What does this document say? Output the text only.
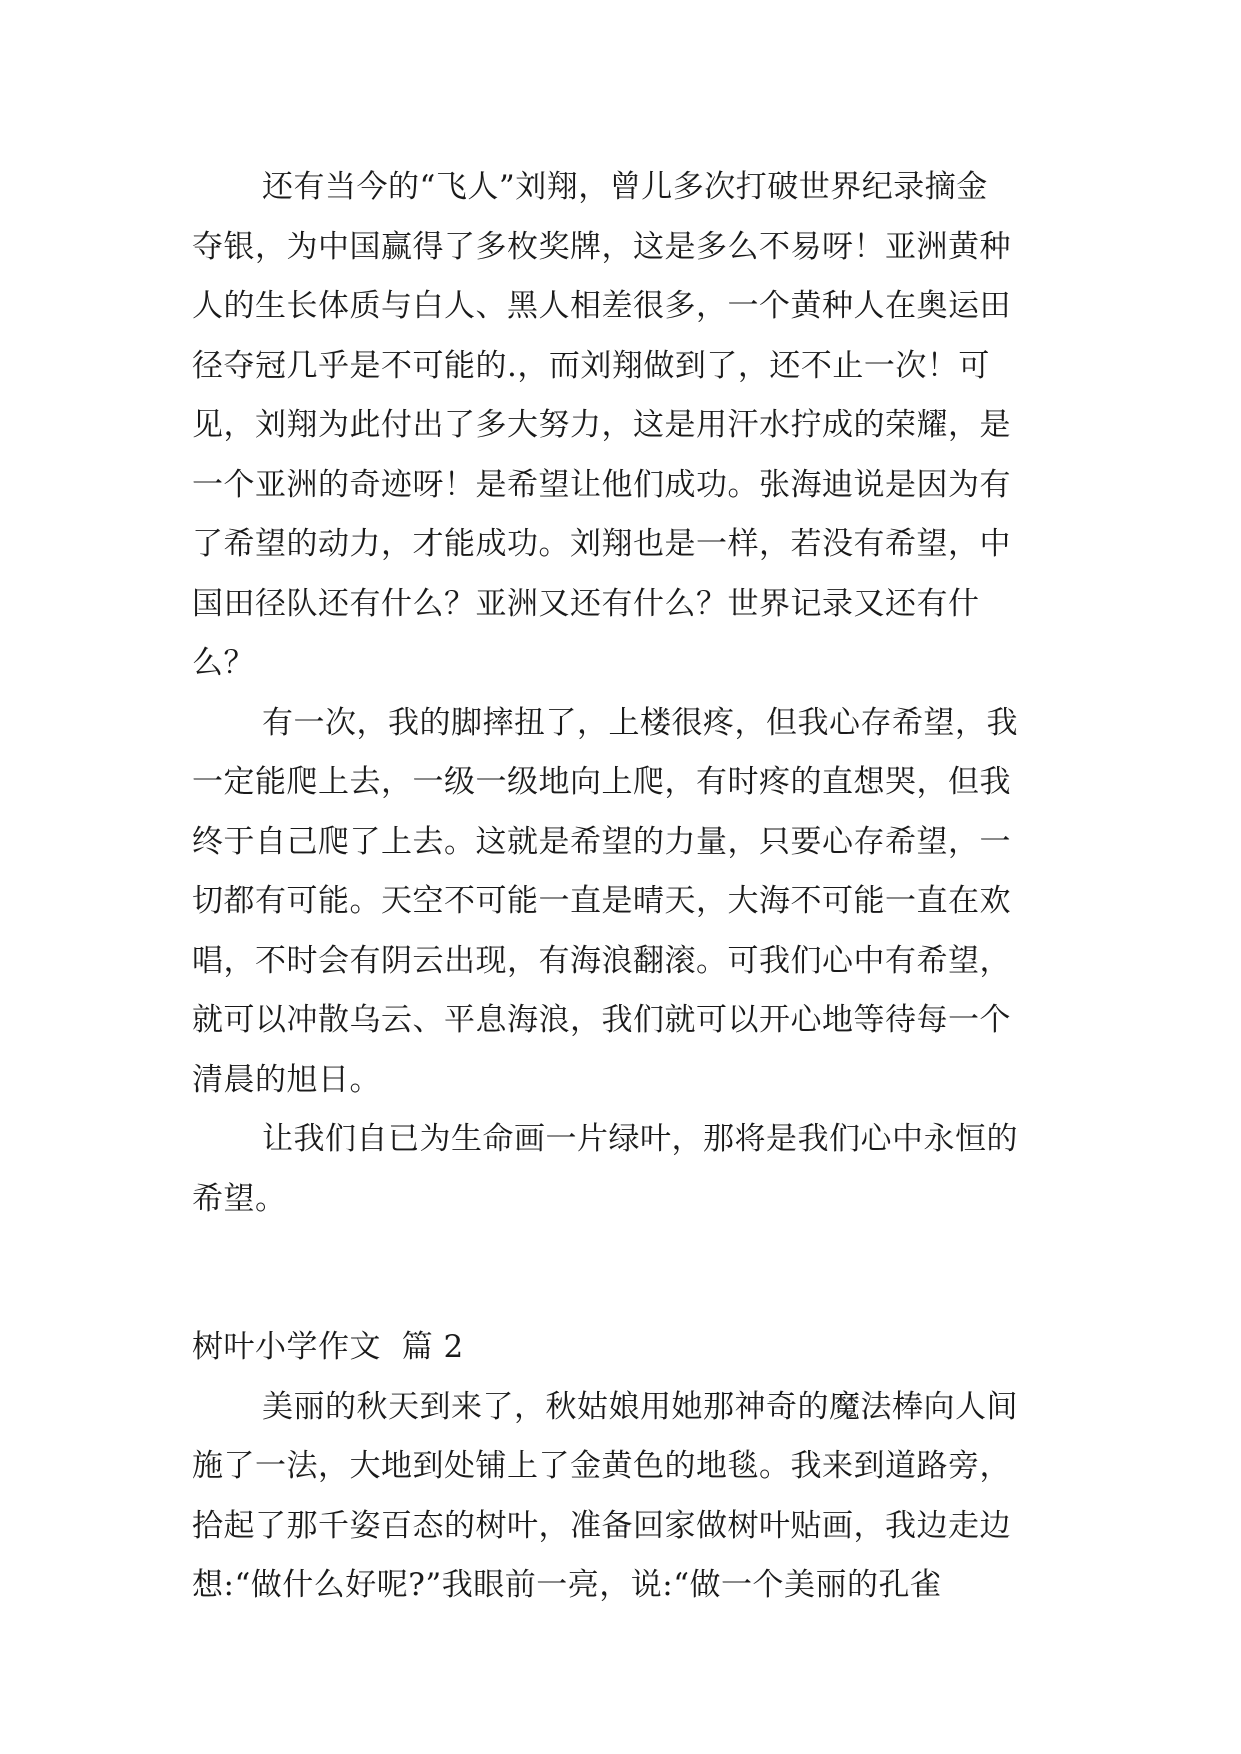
还有当今的“飞人”刘翔，曾儿多次打破世界纪录摘金
夺银，为中国赢得了多枚奖牌，这是多么不易呀！亚洲黄种
人的生长体质与白人、黑人相差很多，一个黄种人在奥运田
径夺冠几乎是不可能的.，而刘翔做到了，还不止一次！可
见，刘翔为此付出了多大努力，这是用汗水拧成的荣耀，是
一个亚洲的奇迹呀！是希望让他们成功。张海迪说是因为有
了希望的动力，才能成功。刘翔也是一样，若没有希望，中
国田径队还有什么？亚洲又还有什么？世界记录又还有什
么？
有一次，我的脚摔扭了，上楼很疼，但我心存希望，我
一定能爬上去，一级一级地向上爬，有时疼的直想哭，但我
终于自己爬了上去。这就是希望的力量，只要心存希望，一
切都有可能。天空不可能一直是晴天，大海不可能一直在欢
唱，不时会有阴云出现，有海浪翻滚。可我们心中有希望，
就可以冲散乌云、平息海浪，我们就可以开心地等待每一个
清晨的旭日。
让我们自已为生命画一片绿叶，那将是我们心中永恒的
希望。
树叶小学作文  篇 2
美丽的秋天到来了，秋姑娘用她那神奇的魔法棒向人间
施了一法，大地到处铺上了金黄色的地毯。我来到道路旁，
拾起了那千姿百态的树叶，准备回家做树叶贴画，我边走边
想:“做什么好呢?”我眼前一亮，说:“做一个美丽的孔雀
